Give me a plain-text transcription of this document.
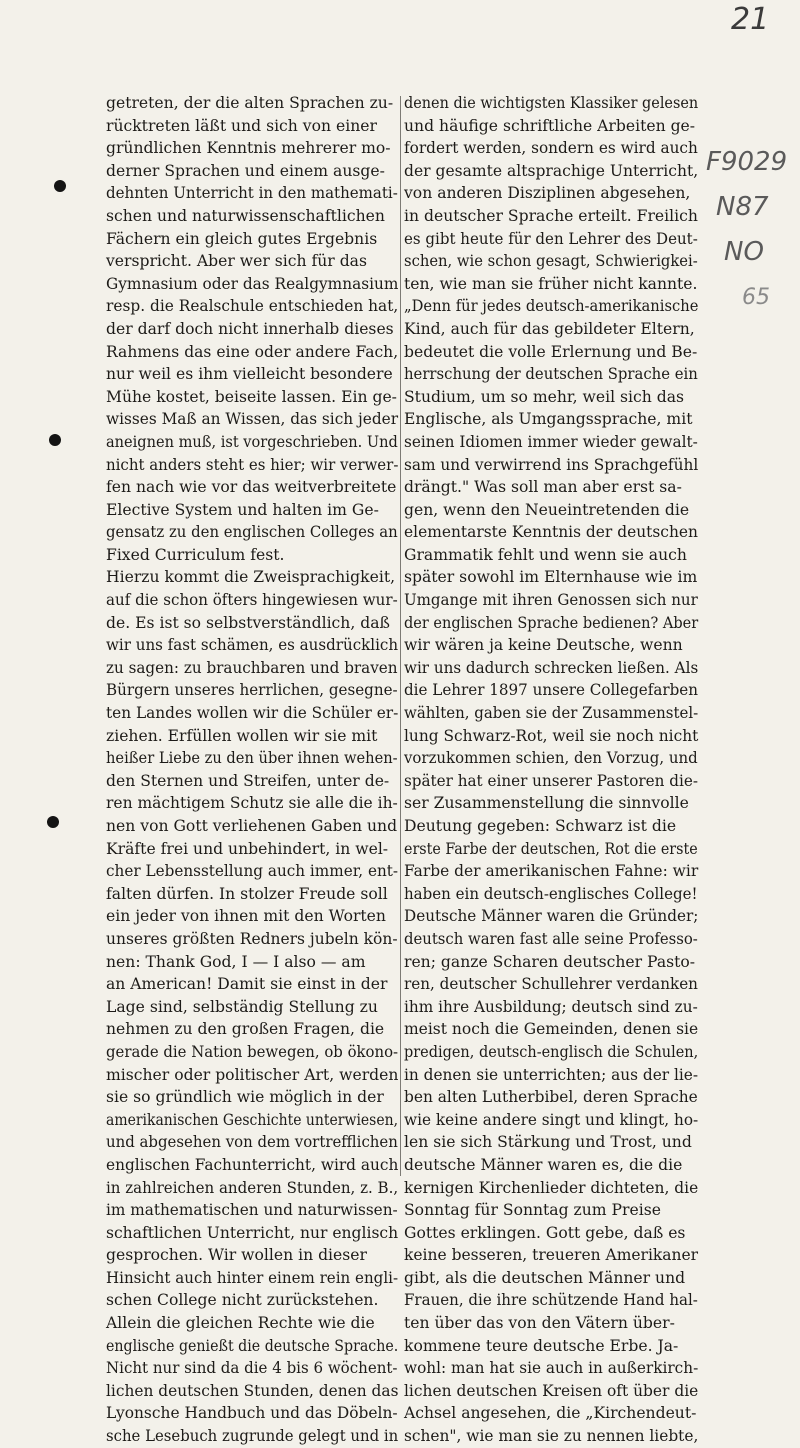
21
F9029
N87
NO
65
getreten, der die alten Sprachen zu-
rücktreten läßt und sich von einer
gründlichen Kenntnis mehrerer mo-
derner Sprachen und einem ausge-
dehnten Unterricht in den mathemati-
schen und naturwissenschaftlichen
Fächern ein gleich gutes Ergebnis
verspricht. Aber wer sich für das
Gymnasium oder das Realgymnasium
resp. die Realschule entschieden hat,
der darf doch nicht innerhalb dieses
Rahmens das eine oder andere Fach,
nur weil es ihm vielleicht besondere
Mühe kostet, beiseite lassen. Ein ge-
wisses Maß an Wissen, das sich jeder
aneignen muß, ist vorgeschrieben. Und
nicht anders steht es hier; wir verwer-
fen nach wie vor das weitverbreitete
Elective System und halten im Ge-
gensatz zu den englischen Colleges an
Fixed Curriculum fest.
Hierzu kommt die Zweisprachigkeit,
auf die schon öfters hingewiesen wur-
de. Es ist so selbstverständlich, daß
wir uns fast schämen, es ausdrücklich
zu sagen: zu brauchbaren und braven
Bürgern unseres herrlichen, gesegne-
ten Landes wollen wir die Schüler er-
ziehen. Erfüllen wollen wir sie mit
heißer Liebe zu den über ihnen wehen-
den Sternen und Streifen, unter de-
ren mächtigem Schutz sie alle die ih-
nen von Gott verliehenen Gaben und
Kräfte frei und unbehindert, in wel-
cher Lebensstellung auch immer, ent-
falten dürfen. In stolzer Freude soll
ein jeder von ihnen mit den Worten
unseres größten Redners jubeln kön-
nen: Thank God, I — I also — am
an American! Damit sie einst in der
Lage sind, selbständig Stellung zu
nehmen zu den großen Fragen, die
gerade die Nation bewegen, ob ökono-
mischer oder politischer Art, werden
sie so gründlich wie möglich in der
amerikanischen Geschichte unterwiesen,
und abgesehen von dem vortrefflichen
englischen Fachunterricht, wird auch
in zahlreichen anderen Stunden, z. B.,
im mathematischen und naturwissen-
schaftlichen Unterricht, nur englisch
gesprochen. Wir wollen in dieser
Hinsicht auch hinter einem rein engli-
schen College nicht zurückstehen.
Allein die gleichen Rechte wie die
englische genießt die deutsche Sprache.
Nicht nur sind da die 4 bis 6 wöchent-
lichen deutschen Stunden, denen das
Lyonsche Handbuch und das Döbeln-
sche Lesebuch zugrunde gelegt und in
denen die wichtigsten Klassiker gelesen
und häufige schriftliche Arbeiten ge-
fordert werden, sondern es wird auch
der gesamte altsprachige Unterricht,
von anderen Disziplinen abgesehen,
in deutscher Sprache erteilt. Freilich
es gibt heute für den Lehrer des Deut-
schen, wie schon gesagt, Schwierigkei-
ten, wie man sie früher nicht kannte.
„Denn für jedes deutsch-amerikanische
Kind, auch für das gebildeter Eltern,
bedeutet die volle Erlernung und Be-
herrschung der deutschen Sprache ein
Studium, um so mehr, weil sich das
Englische, als Umgangssprache, mit
seinen Idiomen immer wieder gewalt-
sam und verwirrend ins Sprachgefühl
drängt." Was soll man aber erst sa-
gen, wenn den Neueintretenden die
elementarste Kenntnis der deutschen
Grammatik fehlt und wenn sie auch
später sowohl im Elternhause wie im
Umgange mit ihren Genossen sich nur
der englischen Sprache bedienen? Aber
wir wären ja keine Deutsche, wenn
wir uns dadurch schrecken ließen. Als
die Lehrer 1897 unsere Collegefarben
wählten, gaben sie der Zusammenstel-
lung Schwarz-Rot, weil sie noch nicht
vorzukommen schien, den Vorzug, und
später hat einer unserer Pastoren die-
ser Zusammenstellung die sinnvolle
Deutung gegeben: Schwarz ist die
erste Farbe der deutschen, Rot die erste
Farbe der amerikanischen Fahne: wir
haben ein deutsch-englisches College!
Deutsche Männer waren die Gründer;
deutsch waren fast alle seine Professo-
ren; ganze Scharen deutscher Pasto-
ren, deutscher Schullehrer verdanken
ihm ihre Ausbildung; deutsch sind zu-
meist noch die Gemeinden, denen sie
predigen, deutsch-englisch die Schulen,
in denen sie unterrichten; aus der lie-
ben alten Lutherbibel, deren Sprache
wie keine andere singt und klingt, ho-
len sie sich Stärkung und Trost, und
deutsche Männer waren es, die die
kernigen Kirchenlieder dichteten, die
Sonntag für Sonntag zum Preise
Gottes erklingen. Gott gebe, daß es
keine besseren, treueren Amerikaner
gibt, als die deutschen Männer und
Frauen, die ihre schützende Hand hal-
ten über das von den Vätern über-
kommene teure deutsche Erbe. Ja-
wohl: man hat sie auch in außerkirch-
lichen deutschen Kreisen oft über die
Achsel angesehen, die „Kirchendeut-
schen", wie man sie zu nennen liebte,
